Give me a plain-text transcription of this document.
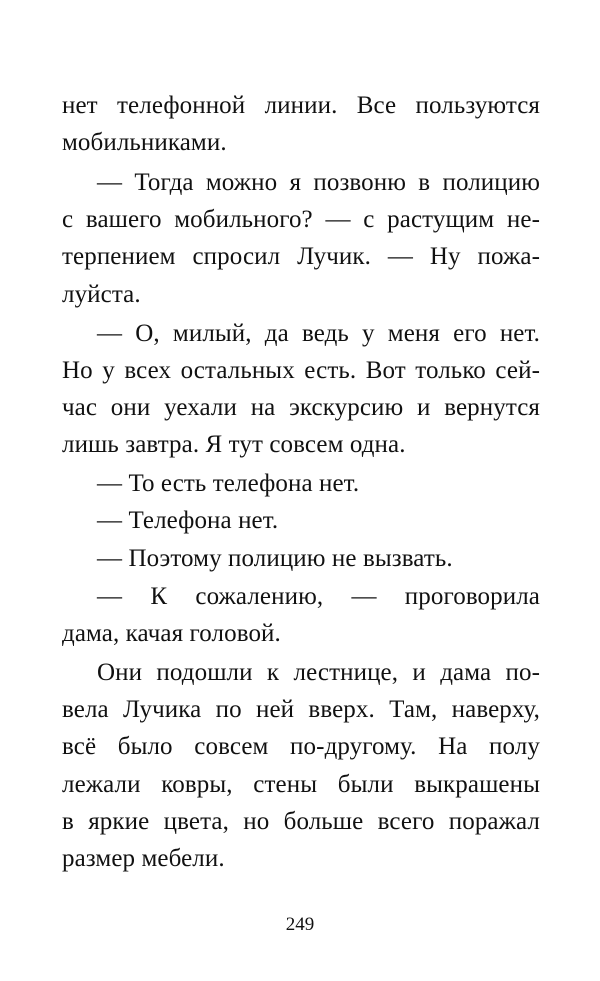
нет телефонной линии. Все пользуются
мобильниками.
— Тогда можно я позвоню в полицию
с вашего мобильного? — с растущим не-
терпением спросил Лучик. — Ну пожа-
луйста.
— О, милый, да ведь у меня его нет.
Но у всех остальных есть. Вот только сей-
час они уехали на экскурсию и вернутся
лишь завтра. Я тут совсем одна.
— То есть телефона нет.
— Телефона нет.
— Поэтому полицию не вызвать.
— К сожалению, — проговорила
дама, качая головой.
Они подошли к лестнице, и дама по-
вела Лучика по ней вверх. Там, наверху,
всё было совсем по-другому. На полу
лежали ковры, стены были выкрашены
в яркие цвета, но больше всего поражал
размер мебели.
249
